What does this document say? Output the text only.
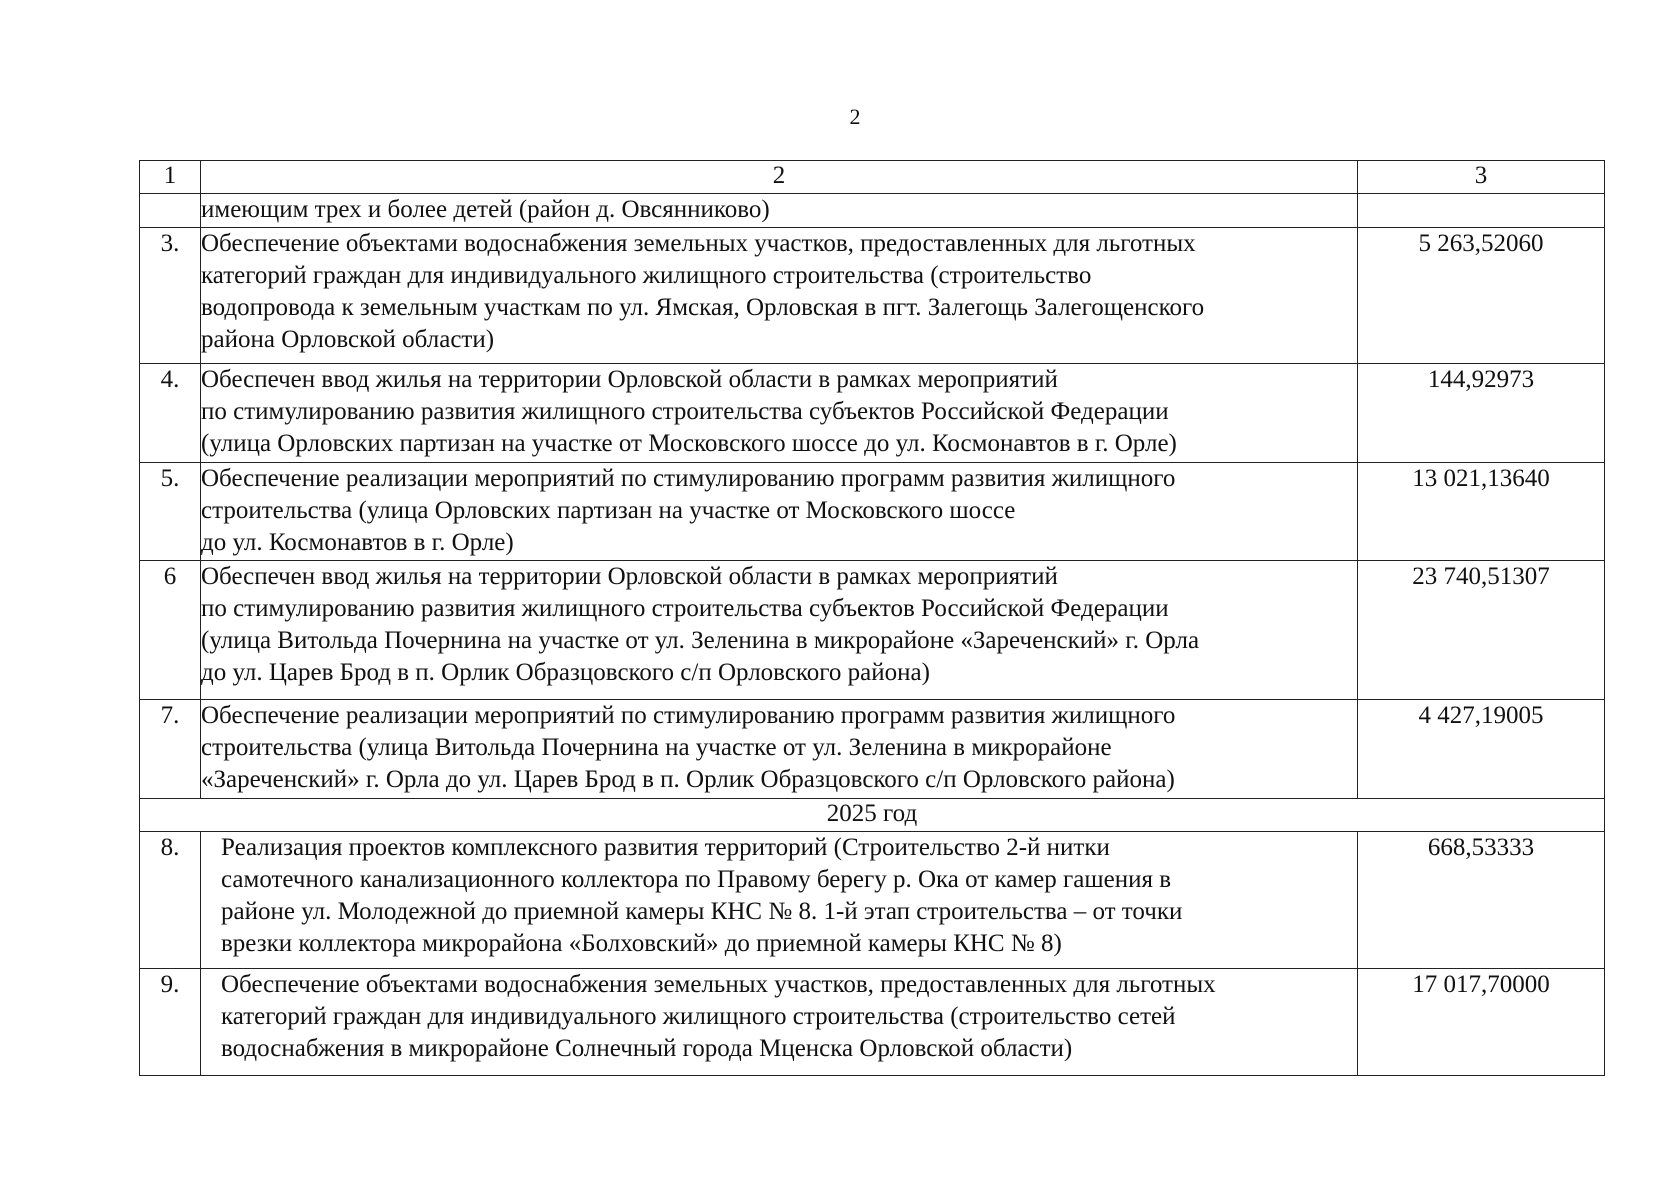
2
1	2	3

	имеющим трех и более детей (район д. Овсянниково)	

3.	Обеспечение объектами водоснабжения земельных участков, предоставленных для льготных
категорий граждан для индивидуального жилищного строительства (строительство
водопровода к земельным участкам по ул. Ямская, Орловская в пгт. Залегощь Залегощенского
района Орловской области)	5 263,52060
4.	Обеспечен ввод жилья на территории Орловской области в рамках мероприятий
по стимулированию развития жилищного строительства субъектов Российской Федерации
(улица Орловских партизан на участке от Московского шоссе до ул. Космонавтов в г. Орле)	144,92973
5.	Обеспечение реализации мероприятий по стимулированию программ развития жилищного
строительства (улица Орловских партизан на участке от Московского шоссе
до ул. Космонавтов в г. Орле)	13 021,13640
6	Обеспечен ввод жилья на территории Орловской области в рамках мероприятий
по стимулированию развития жилищного строительства субъектов Российской Федерации
(улица Витольда Почернина на участке от ул. Зеленина в микрорайоне «Зареченский» г. Орла
до ул. Царев Брод в п. Орлик Образцовского с/п Орловского района)	23 740,51307
7.	Обеспечение реализации мероприятий по стимулированию программ развития жилищного
строительства (улица Витольда Почернина на участке от ул. Зеленина в микрорайоне
«Зареченский» г. Орла до ул. Царев Брод в п. Орлик Образцовского с/п Орловского района)	4 427,19005
2025 год		
8.	Реализация проектов комплексного развития территорий (Строительство 2-й нитки
самотечного канализационного коллектора по Правому берегу р. Ока от камер гашения в
районе ул. Молодежной до приемной камеры КНС № 8. 1-й этап строительства – от точки
врезки коллектора микрорайона «Болховский» до приемной камеры КНС № 8)	668,53333
9.	Обеспечение объектами водоснабжения земельных участков, предоставленных для льготных
категорий граждан для индивидуального жилищного строительства (строительство сетей
водоснабжения в микрорайоне Солнечный города Мценска Орловской области)	17 017,70000
